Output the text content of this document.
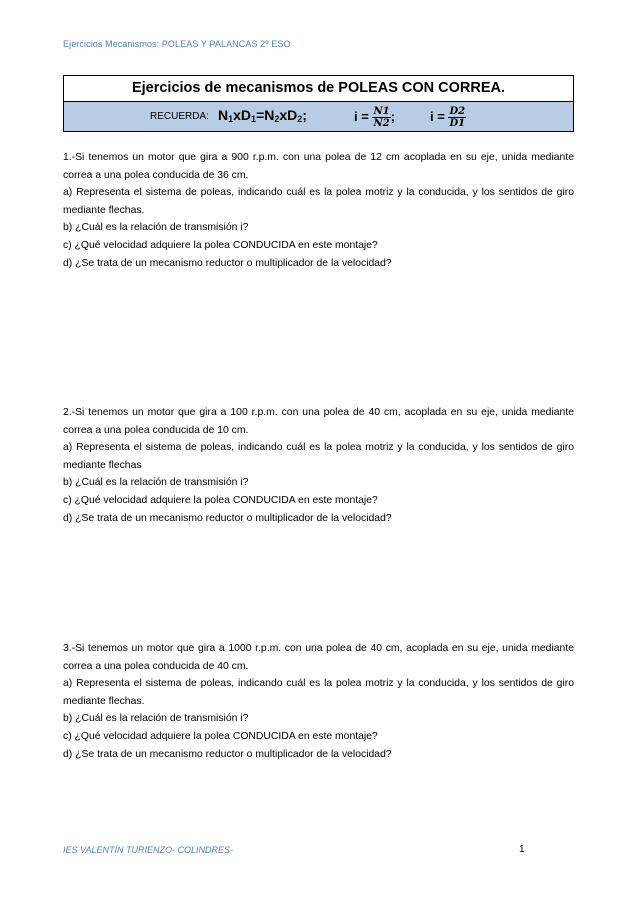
Ejercicios Mecanismos: POLEAS Y PALANCAS 2º ESO
Ejercicios de mecanismos de POLEAS CON CORREA.
RECUERDA: $N_1xD_1=N_2xD_2$;	$i = \frac{N1}{N2}$ ;	$i = \frac{D2}{D1}$

1.-Si tenemos un motor que gira a 900 r.p.m. con una polea de 12 cm acoplada en su eje, unida mediante correa a una polea conducida de 36 cm.

a) Representa el sistema de poleas, indicando cuál es la polea motriz y la conducida, y los sentidos de giro mediante flechas.

b) ¿Cuál es la relación de transmisión i?

c) ¿Qué velocidad adquiere la polea CONDUCIDA en este montaje?

d) ¿Se trata de un mecanismo reductor o multiplicador de la velocidad?

2.-Si tenemos un motor que gira a 100 r.p.m. con una polea de 40 cm, acoplada en su eje, unida mediante correa a una polea conducida de 10 cm.

a) Representa el sistema de poleas, indicando cuál es la polea motriz y la conducida, y los sentidos de giro mediante flechas

b) ¿Cuál es la relación de transmisión i?

c) ¿Qué velocidad adquiere la polea CONDUCIDA en este montaje?

d) ¿Se trata de un mecanismo reductor o multiplicador de la velocidad?

3.-Si tenemos un motor que gira a 1000 r.p.m. con una polea de 40 cm, acoplada en su eje, unida mediante correa a una polea conducida de 40 cm.

a) Representa el sistema de poleas, indicando cuál es la polea motriz y la conducida, y los sentidos de giro mediante flechas.

b) ¿Cuál es la relación de transmisión i?

c) ¿Qué velocidad adquiere la polea CONDUCIDA en este montaje?

d) ¿Se trata de un mecanismo reductor o multiplicador de la velocidad?

IES VALENTÍN TURIENZO- COLINDRES-	1
